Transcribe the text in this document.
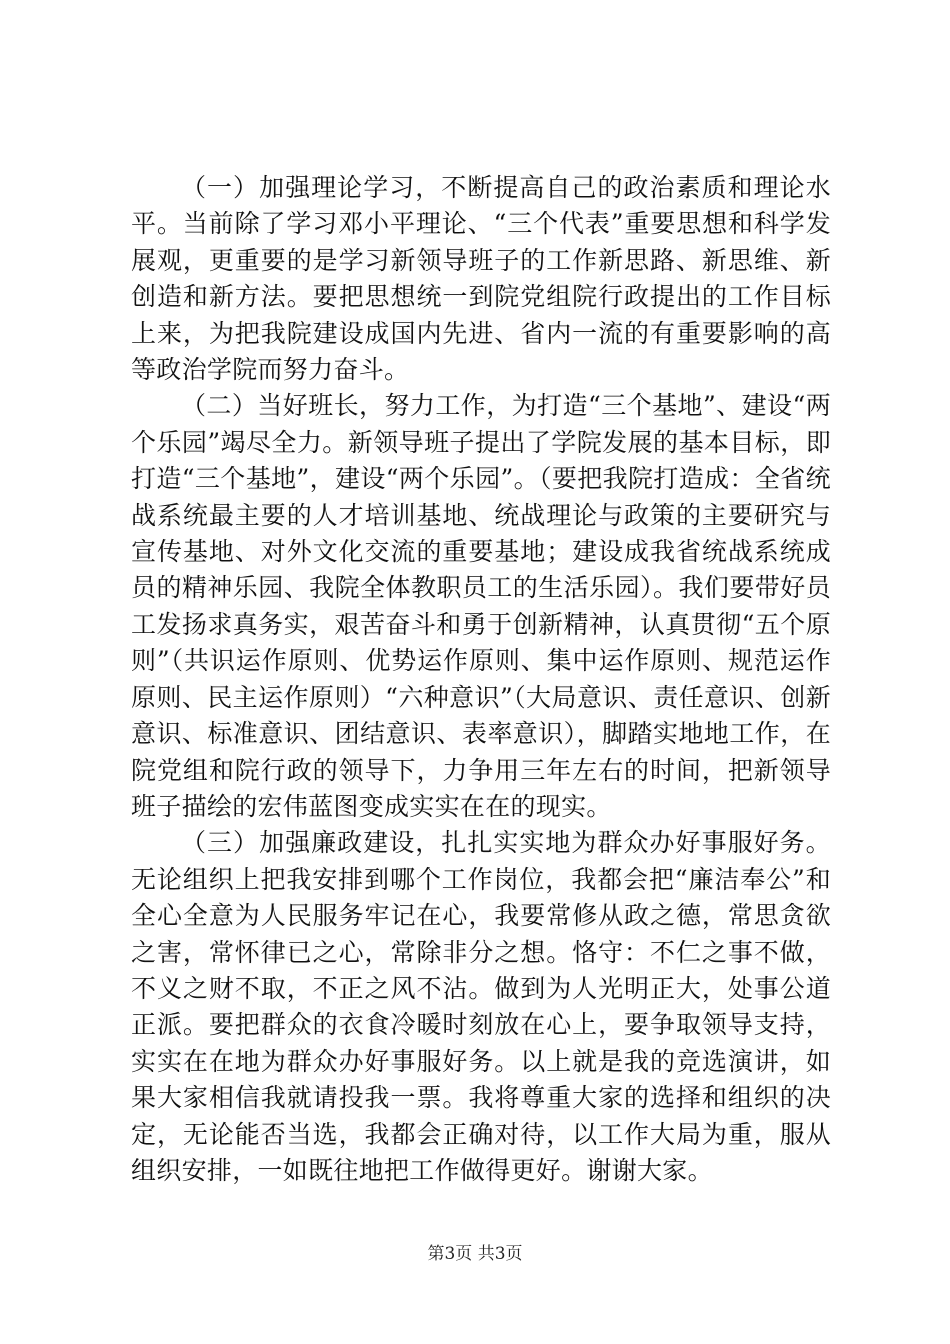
（一）加强理论学习，不断提高自己的政治素质和理论水平。当前除了学习邓小平理论、“三个代表”重要思想和科学发展观，更重要的是学习新领导班子的工作新思路、新思维、新创造和新方法。要把思想统一到院党组院行政提出的工作目标上来，为把我院建设成国内先进、省内一流的有重要影响的高等政治学院而努力奋斗。

（二）当好班长，努力工作，为打造“三个基地”、建设“两个乐园”竭尽全力。新领导班子提出了学院发展的基本目标，即打造“三个基地”，建设“两个乐园”。（要把我院打造成：全省统战系统最主要的人才培训基地、统战理论与政策的主要研究与宣传基地、对外文化交流的重要基地；建设成我省统战系统成员的精神乐园、我院全体教职员工的生活乐园）。我们要带好员工发扬求真务实，艰苦奋斗和勇于创新精神，认真贯彻“五个原则”（共识运作原则、优势运作原则、集中运作原则、规范运作原则、民主运作原则）“六种意识”（大局意识、责任意识、创新意识、标准意识、团结意识、表率意识），脚踏实地地工作，在院党组和院行政的领导下，力争用三年左右的时间，把新领导班子描绘的宏伟蓝图变成实实在在的现实。

（三）加强廉政建设，扎扎实实地为群众办好事服好务。无论组织上把我安排到哪个工作岗位，我都会把“廉洁奉公”和全心全意为人民服务牢记在心，我要常修从政之德，常思贪欲之害，常怀律已之心，常除非分之想。恪守：不仁之事不做，不义之财不取，不正之风不沾。做到为人光明正大，处事公道正派。要把群众的衣食冷暖时刻放在心上，要争取领导支持，实实在在地为群众办好事服好务。以上就是我的竞选演讲，如果大家相信我就请投我一票。我将尊重大家的选择和组织的决定，无论能否当选，我都会正确对待，以工作大局为重，服从组织安排，一如既往地把工作做得更好。谢谢大家。

第3页 共3页
